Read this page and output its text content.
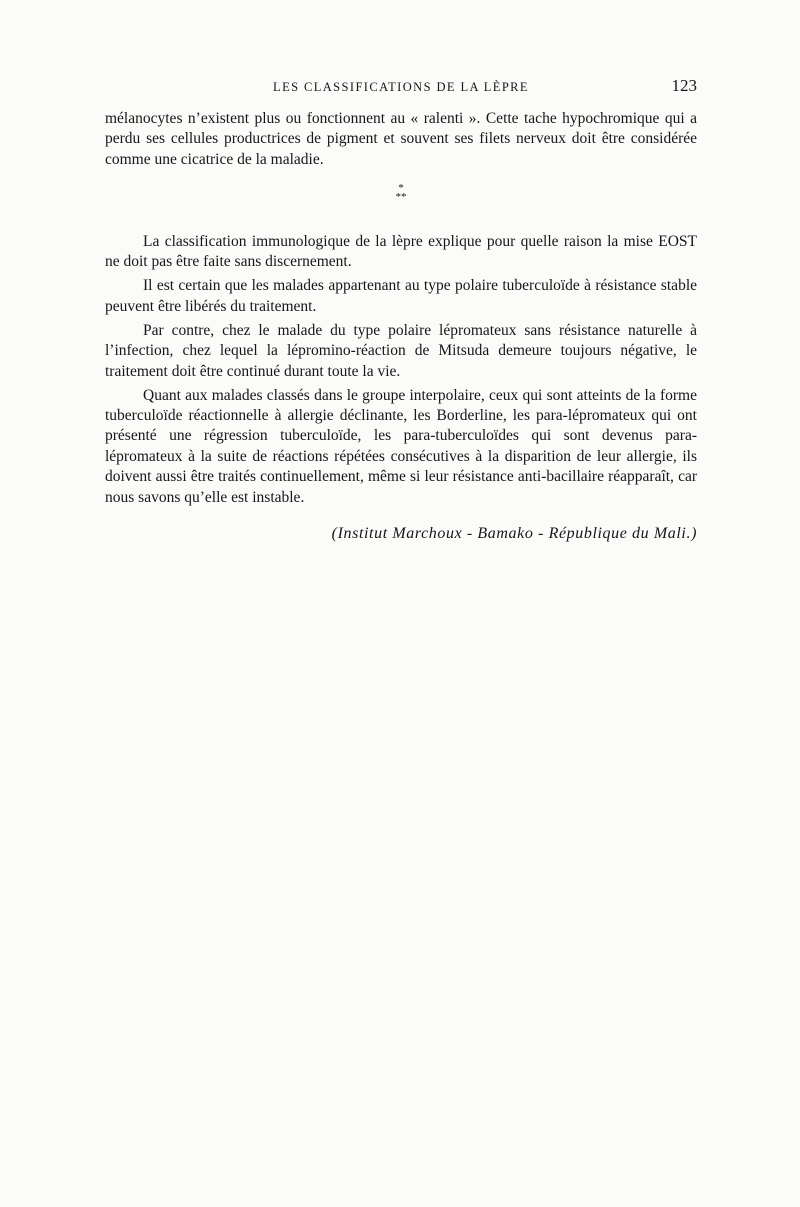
LES CLASSIFICATIONS DE LA LÈPRE	123

mélanocytes n’existent plus ou fonctionnent au « ralenti ». Cette tache hypochromique qui a perdu ses cellules productrices de pigment et souvent ses filets nerveux doit être considérée comme une cicatrice de la maladie.

*
**

La classification immunologique de la lèpre explique pour quelle raison la mise EOST ne doit pas être faite sans discernement.

Il est certain que les malades appartenant au type polaire tuberculoïde à résistance stable peuvent être libérés du traitement.

Par contre, chez le malade du type polaire lépromateux sans résistance naturelle à l’infection, chez lequel la lépromino-réaction de Mitsuda demeure toujours négative, le traitement doit être continué durant toute la vie.

Quant aux malades classés dans le groupe interpolaire, ceux qui sont atteints de la forme tuberculoïde réactionnelle à allergie déclinante, les Borderline, les para-lépromateux qui ont présenté une régression tuberculoïde, les para-tuberculoïdes qui sont devenus para-lépromateux à la suite de réactions répétées consécutives à la disparition de leur allergie, ils doivent aussi être traités continuellement, même si leur résistance anti-bacillaire réapparaît, car nous savons qu’elle est instable.

(Institut Marchoux - Bamako - République du Mali.)
